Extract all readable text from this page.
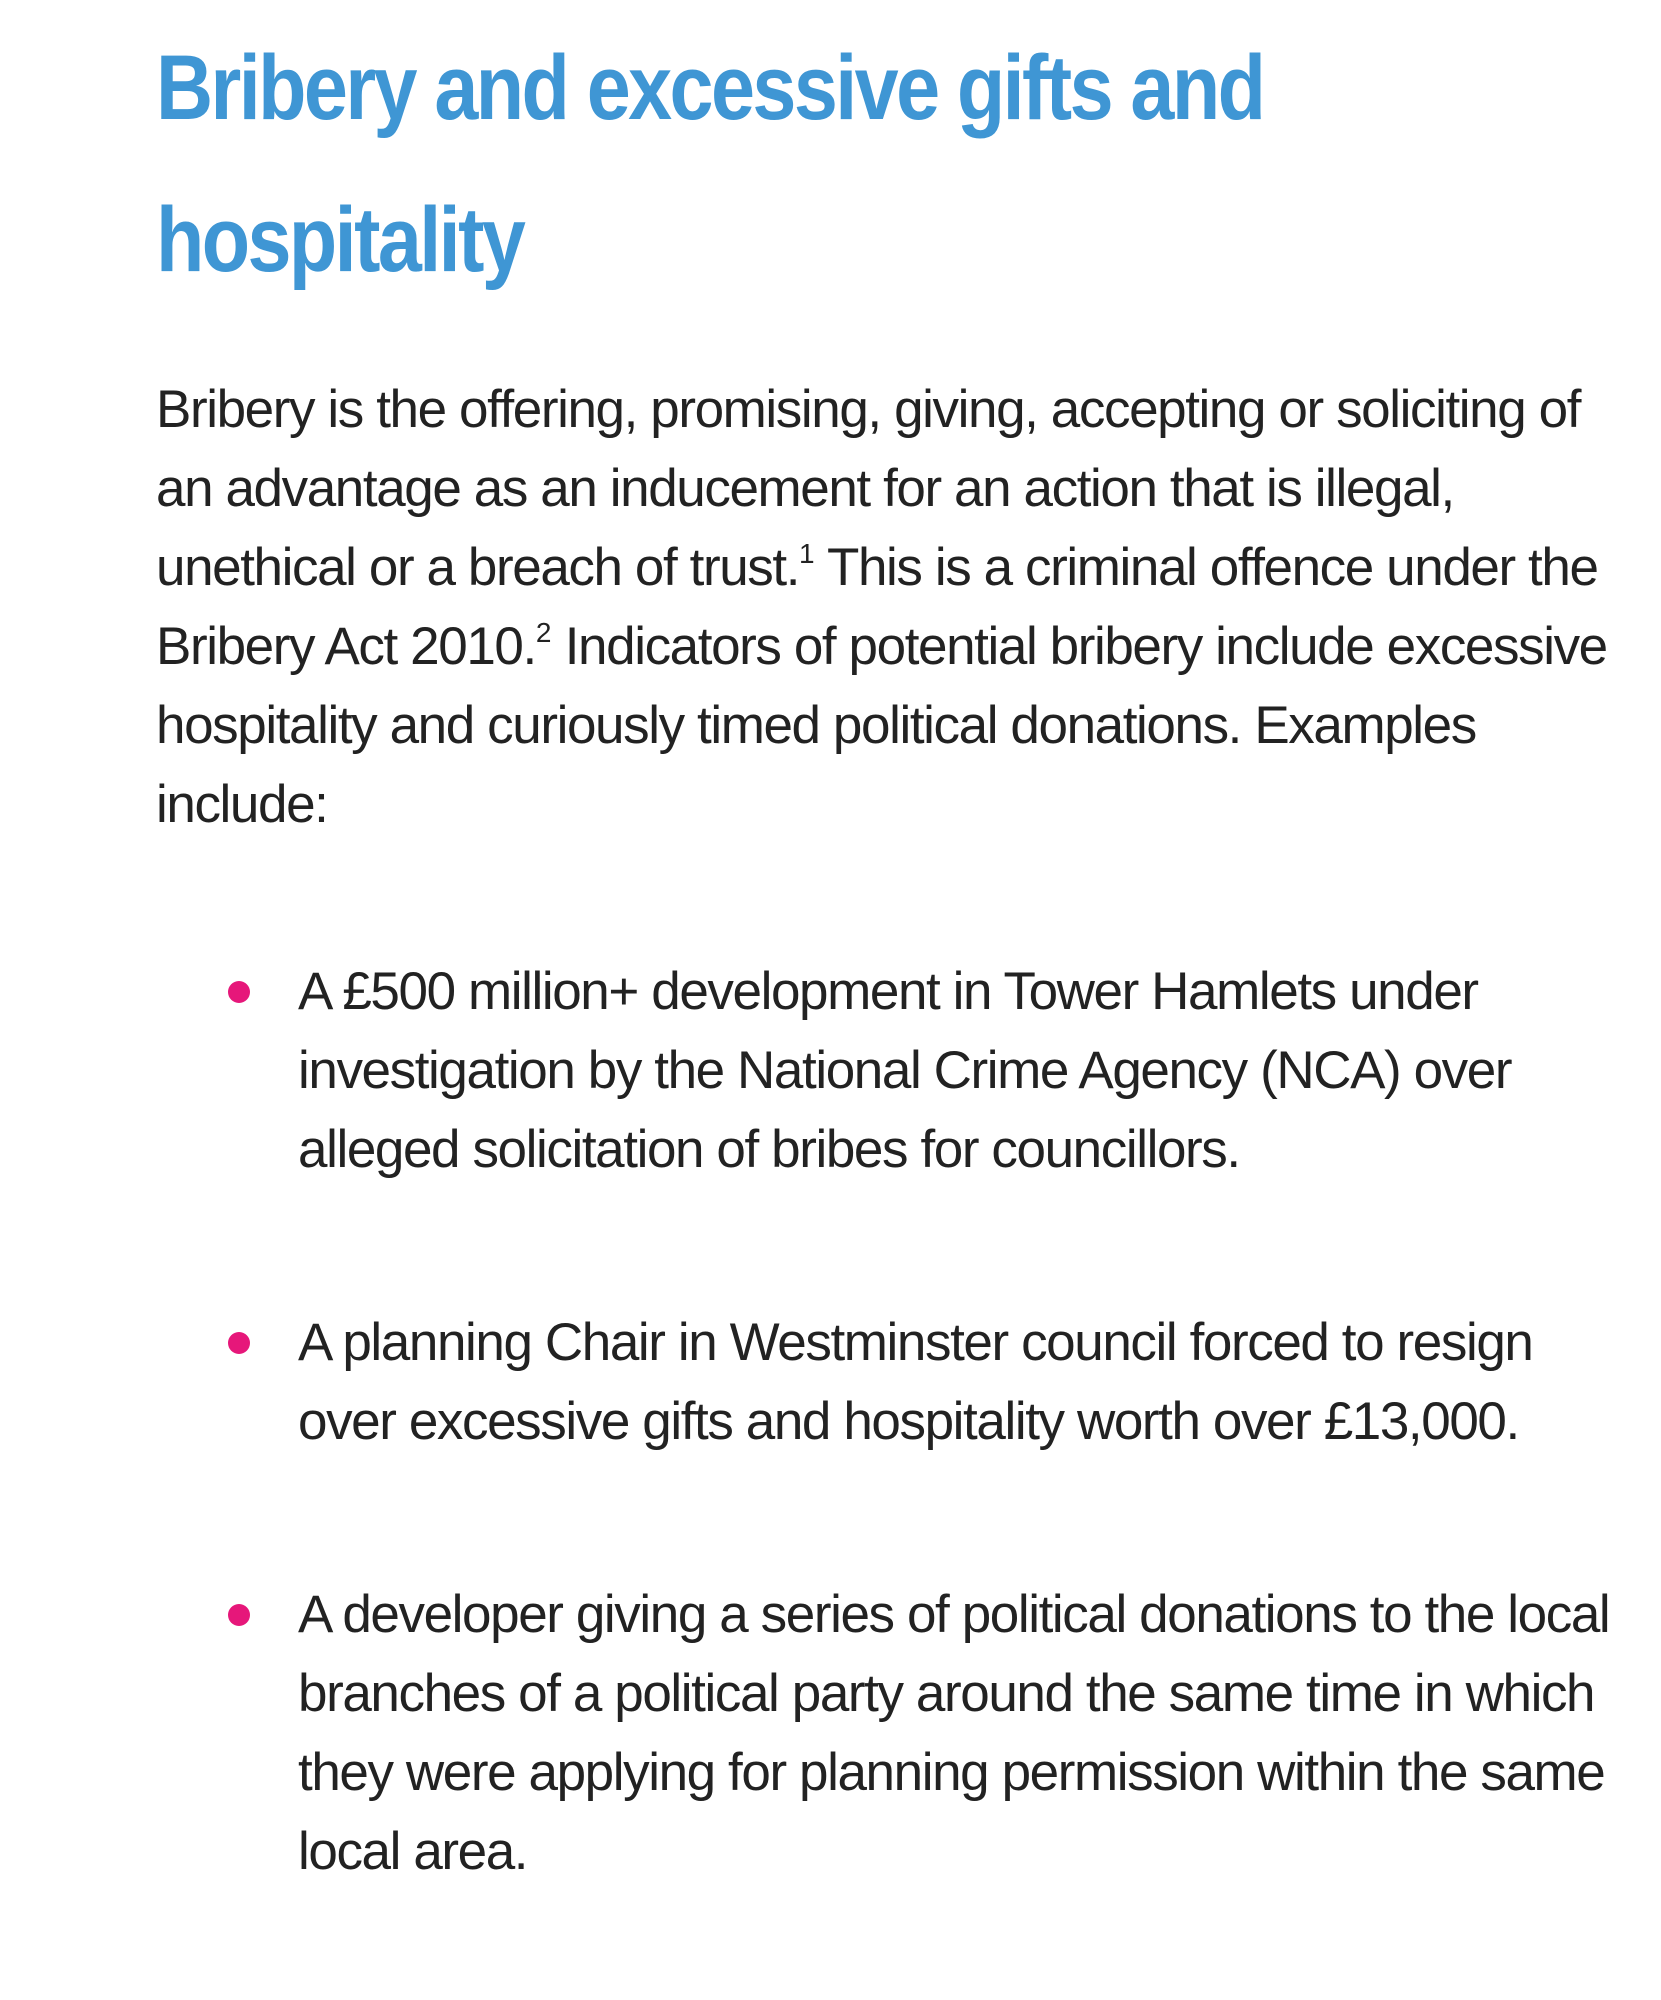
Bribery and excessive gifts and hospitality

Bribery is the offering, promising, giving, accepting or soliciting of an advantage as an inducement for an action that is illegal, unethical or a breach of trust.$^1$ This is a criminal offence under the Bribery Act 2010.$^2$ Indicators of potential bribery include excessive hospitality and curiously timed political donations. Examples include:

A £500 million+ development in Tower Hamlets under investigation by the National Crime Agency (NCA) over alleged solicitation of bribes for councillors.
A planning Chair in Westminster council forced to resign over excessive gifts and hospitality worth over £13,000.
A developer giving a series of political donations to the local branches of a political party around the same time in which they were applying for planning permission within the same local area.
